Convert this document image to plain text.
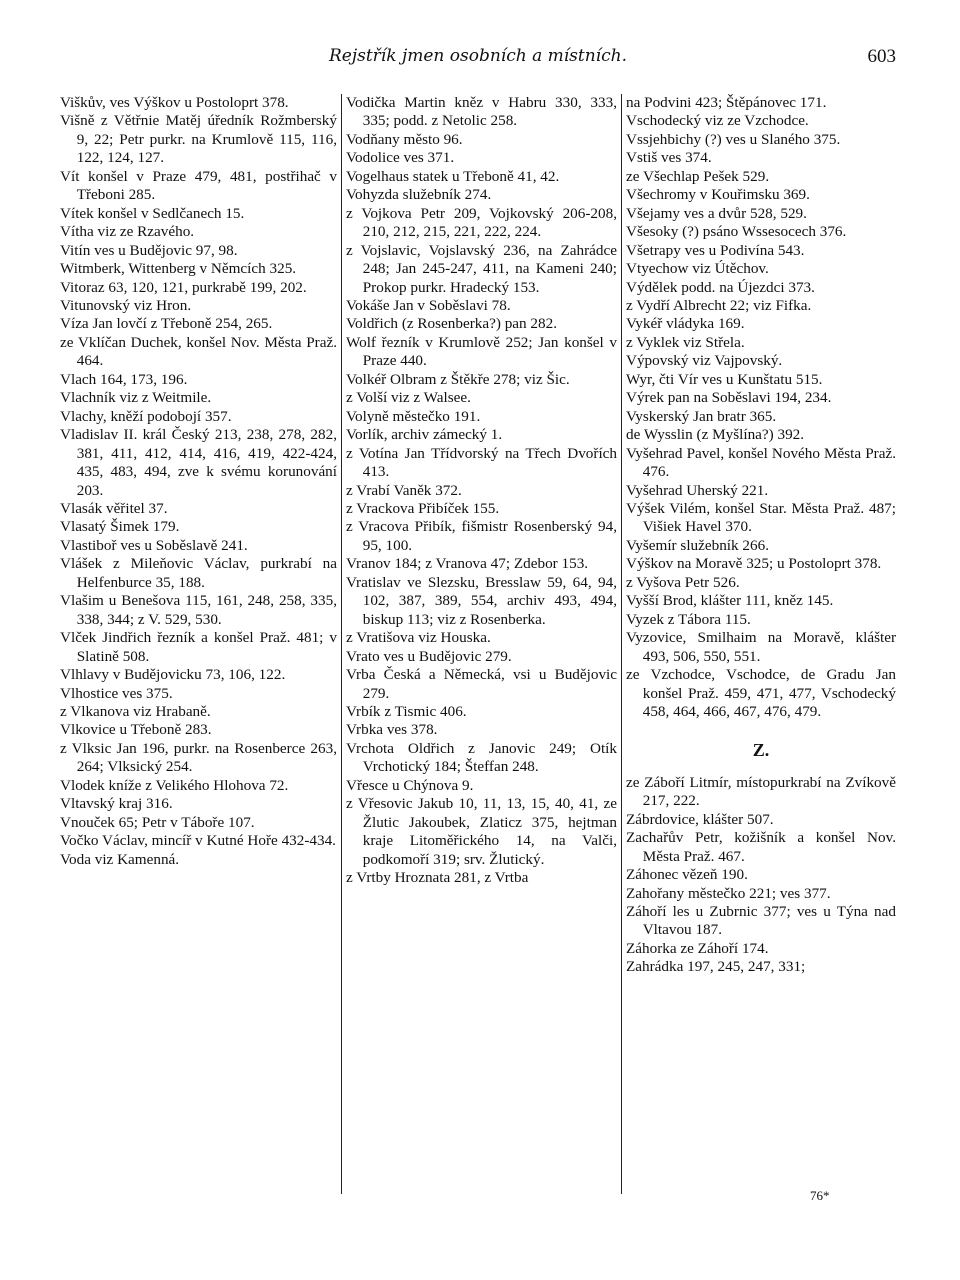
Rejstřík jmen osobních a místních.	603
Viškův, ves Výškov u Postoloprt 378.
Višně z Větřnie Matěj úředník Rožmberský 9, 22; Petr purkr. na Krumlově 115, 116, 122, 124, 127.
Vít konšel v Praze 479, 481, postřihač v Třeboni 285.
Vítek konšel v Sedlčanech 15.
Vítha viz ze Rzavého.
Vitín ves u Budějovic 97, 98.
Witmberk, Wittenberg v Němcích 325.
Vitoraz 63, 120, 121, purkrabě 199, 202.
Vitunovský viz Hron.
Víza Jan lovčí z Třeboně 254, 265.
ze Vklíčan Duchek, konšel Nov. Města Praž. 464.
Vlach 164, 173, 196.
Vlachník viz z Weitmile.
Vlachy, kněží podobojí 357.
Vladislav II. král Český 213, 238, 278, 282, 381, 411, 412, 414, 416, 419, 422-424, 435, 483, 494, zve k svému korunování 203.
Vlasák věřitel 37.
Vlasatý Šimek 179.
Vlastiboř ves u Soběslavě 241.
Vlášek z Mileňovic Václav, purkrabí na Helfenburce 35, 188.
Vlašim u Benešova 115, 161, 248, 258, 335, 338, 344; z V. 529, 530.
Vlček Jindřich řezník a konšel Praž. 481; v Slatině 508.
Vlhlavy v Budějovicku 73, 106, 122.
Vlhostice ves 375.
z Vlkanova viz Hrabaně.
Vlkovice u Třeboně 283.
z Vlksic Jan 196, purkr. na Rosenberce 263, 264; Vlksický 254.
Vlodek kníže z Velikého Hlohova 72.
Vltavský kraj 316.
Vnouček 65; Petr v Táboře 107.
Vočko Václav, mincíř v Kutné Hoře 432-434.
Voda viz Kamenná.
Vodička Martin kněz v Habru 330, 333, 335; podd. z Netolic 258.
Vodňany město 96.
Vodolice ves 371.
Vogelhaus statek u Třeboně 41, 42.
Vohyzda služebník 274.
z Vojkova Petr 209, Vojkovský 206-208, 210, 212, 215, 221, 222, 224.
z Vojslavic, Vojslavský 236, na Zahrádce 248; Jan 245-247, 411, na Kameni 240; Prokop purkr. Hradecký 153.
Vokáše Jan v Soběslavi 78.
Voldřich (z Rosenberka?) pan 282.
Wolf řezník v Krumlově 252; Jan konšel v Praze 440.
Volkéř Olbram z Štěkře 278; viz Šic.
z Volší viz z Walsee.
Volyně městečko 191.
Vorlík, archiv zámecký 1.
z Votína Jan Třídvorský na Třech Dvořích 413.
z Vrabí Vaněk 372.
z Vrackova Přibíček 155.
z Vracova Přibík, fišmistr Rosenberský 94, 95, 100.
Vranov 184; z Vranova 47; Zdebor 153.
Vratislav ve Slezsku, Bresslaw 59, 64, 94, 102, 387, 389, 554, archiv 493, 494, biskup 113; viz z Rosenberka.
z Vratišova viz Houska.
Vrato ves u Budějovic 279.
Vrba Česká a Německá, vsi u Budějovic 279.
Vrbík z Tismic 406.
Vrbka ves 378.
Vrchota Oldřich z Janovic 249; Otík Vrchotický 184; Šteffan 248.
Vřesce u Chýnova 9.
z Vřesovic Jakub 10, 11, 13, 15, 40, 41, ze Žlutic Jakoubek, Zlaticz 375, hejtman kraje Litoměřického 14, na Valči, podkomoří 319; srv. Žlutický.
z Vrtby Hroznata 281, z Vrtba
na Podvini 423; Štěpánovec 171.
Vschodecký viz ze Vzchodce.
Vssjehbichy (?) ves u Slaného 375.
Vstiš ves 374.
ze Všechlap Pešek 529.
Všechromy v Kouřimsku 369.
Všejamy ves a dvůr 528, 529.
Všesoky (?) psáno Wssesocech 376.
Všetrapy ves u Podivína 543.
Vtyechow viz Útěchov.
Výdělek podd. na Újezdci 373.
z Vydří Albrecht 22; viz Fifka.
Vykéř vládyka 169.
z Vyklek viz Střela.
Výpovský viz Vajpovský.
Wyr, čti Vír ves u Kunštatu 515.
Výrek pan na Soběslavi 194, 234.
Vyskerský Jan bratr 365.
de Wysslin (z Myšlína?) 392.
Vyšehrad Pavel, konšel Nového Města Praž. 476.
Vyšehrad Uherský 221.
Výšek Vilém, konšel Star. Města Praž. 487; Višiek Havel 370.
Vyšemír služebník 266.
Výškov na Moravě 325; u Postoloprt 378.
z Vyšova Petr 526.
Vyšší Brod, klášter 111, kněz 145.
Vyzek z Tábora 115.
Vyzovice, Smilhaim na Moravě, klášter 493, 506, 550, 551.
ze Vzchodce, Vschodce, de Gradu Jan konšel Praž. 459, 471, 477, Vschodecký 458, 464, 466, 467, 476, 479.
Z.
ze Záboří Litmír, místopurkrabí na Zvíkově 217, 222.
Zábrdovice, klášter 507.
Zachařův Petr, kožišník a konšel Nov. Města Praž. 467.
Záhonec vězeň 190.
Zahořany městečko 221; ves 377.
Záhoří les u Zubrnic 377; ves u Týna nad Vltavou 187.
Záhorka ze Záhoří 174.
Zahrádka 197, 245, 247, 331;
76*
